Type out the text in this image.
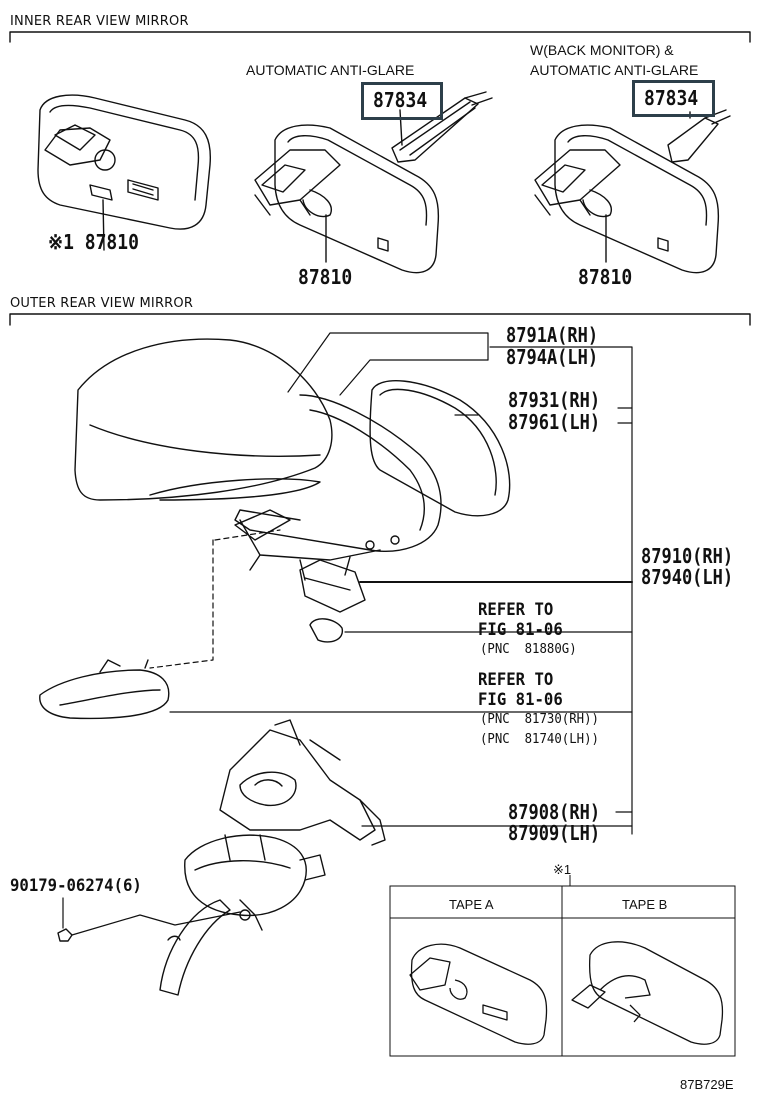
INNER REAR VIEW MIRROR
OUTER REAR VIEW MIRROR
AUTOMATIC ANTI-GLARE
W(BACK MONITOR) &
AUTOMATIC ANTI-GLARE
87834	87834
※1 87810
87810	87810
8791A(RH)
8794A(LH)
87931(RH)
87961(LH)
87910(RH)
87940(LH)
REFER TO
FIG 81-06
(PNC  81880G)
REFER TO
FIG 81-06
(PNC  81730(RH))
(PNC  81740(LH))
87908(RH)
87909(LH)
90179-06274(6)
※1
TAPE A	TAPE B
87B729E
